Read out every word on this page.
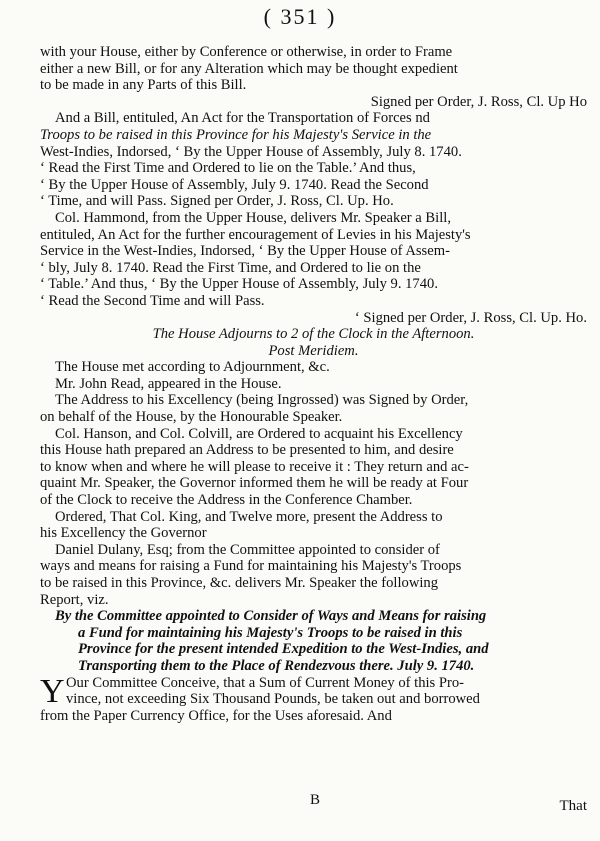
( 351 )
with your House, either by Conference or otherwise, in order to Frame
either a new Bill, or for any Alteration which may be thought expedient
to be made in any Parts of this Bill.
Signed per Order, J. Ross, Cl. Up Ho
And a Bill, entituled, An Act for the Transportation of Forces nd
Troops to be raised in this Province for his Majesty's Service in the
West-Indies, Indorsed, ‘ By the Upper House of Assembly, July 8. 1740.
‘ Read the First Time and Ordered to lie on the Table.’ And thus,
‘ By the Upper House of Assembly, July 9. 1740. Read the Second
‘ Time, and will Pass. Signed per Order, J. Ross, Cl. Up. Ho.
Col. Hammond, from the Upper House, delivers Mr. Speaker a Bill,
entituled, An Act for the further encouragement of Levies in his Majesty's
Service in the West-Indies, Indorsed, ‘ By the Upper House of Assem-
‘ bly, July 8. 1740. Read the First Time, and Ordered to lie on the
‘ Table.’ And thus, ‘ By the Upper House of Assembly, July 9. 1740.
‘ Read the Second Time and will Pass.
‘ Signed per Order, J. Ross, Cl. Up. Ho.
The House Adjourns to 2 of the Clock in the Afternoon.
Post Meridiem.
The House met according to Adjournment, &c.
Mr. John Read, appeared in the House.
The Address to his Excellency (being Ingrossed) was Signed by Order,
on behalf of the House, by the Honourable Speaker.
Col. Hanson, and Col. Colvill, are Ordered to acquaint his Excellency
this House hath prepared an Address to be presented to him, and desire
to know when and where he will please to receive it : They return and ac-
quaint Mr. Speaker, the Governor informed them he will be ready at Four
of the Clock to receive the Address in the Conference Chamber.
Ordered, That Col. King, and Twelve more, present the Address to
his Excellency the Governor
Daniel Dulany, Esq; from the Committee appointed to consider of
ways and means for raising a Fund for maintaining his Majesty's Troops
to be raised in this Province, &c. delivers Mr. Speaker the following
Report, viz.
By the Committee appointed to Consider of Ways and Means for raising
a Fund for maintaining his Majesty's Troops to be raised in this
Province for the present intended Expedition to the West-Indies, and
Transporting them to the Place of Rendezvous there. July 9. 1740.
Y Our Committee Conceive, that a Sum of Current Money of this Pro-
vince, not exceeding Six Thousand Pounds, be taken out and borrowed
from the Paper Currency Office, for the Uses aforesaid. And
B	That
